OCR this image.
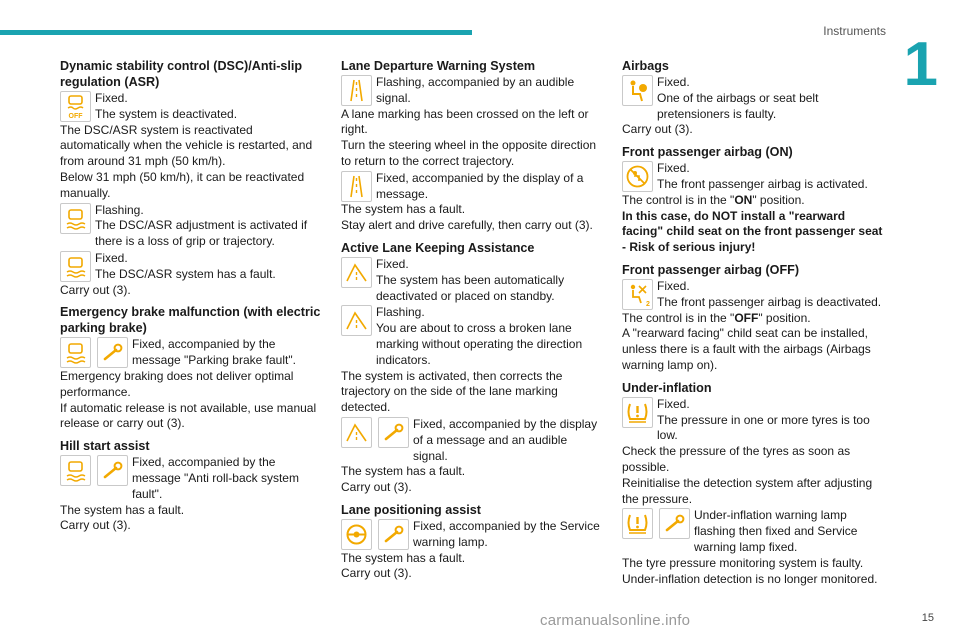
Instruments 1
Dynamic stability control (DSC)/Anti-slip regulation (ASR)
OFF
Fixed.
The system is deactivated.
The DSC/ASR system is reactivated automatically when the vehicle is restarted, and from around 31 mph (50 km/h).
Below 31 mph (50 km/h), it can be reactivated manually.
Flashing.
The DSC/ASR adjustment is activated if there is a loss of grip or trajectory.
Fixed.
The DSC/ASR system has a fault.
Carry out (3).
Emergency brake malfunction (with electric parking brake)
Fixed, accompanied by the message "Parking brake fault".
Emergency braking does not deliver optimal performance.
If automatic release is not available, use manual release or carry out (3).
Hill start assist
Fixed, accompanied by the message "Anti roll-back system fault".
The system has a fault.
Carry out (3).
Lane Departure Warning System
Flashing, accompanied by an audible signal.
A lane marking has been crossed on the left or right.
Turn the steering wheel in the opposite direction to return to the correct trajectory.
Fixed, accompanied by the display of a message.
The system has a fault.
Stay alert and drive carefully, then carry out (3).
Active Lane Keeping Assistance
Fixed.
The system has been automatically deactivated or placed on standby.
Flashing.
You are about to cross a broken lane marking without operating the direction indicators.
The system is activated, then corrects the trajectory on the side of the lane marking detected.
Fixed, accompanied by the display of a message and an audible signal.
The system has a fault.
Carry out (3).
Lane positioning assist
Fixed, accompanied by the Service warning lamp.
The system has a fault.
Carry out (3).
Airbags
Fixed.
One of the airbags or seat belt pretensioners is faulty.
Carry out (3).
Front passenger airbag (ON)
Fixed.
The front passenger airbag is activated.
The control is in the "ON" position.
In this case, do NOT install a "rearward facing" child seat on the front passenger seat - Risk of serious injury!
Front passenger airbag (OFF)
2
Fixed.
The front passenger airbag is deactivated.
The control is in the "OFF" position.
A "rearward facing" child seat can be installed, unless there is a fault with the airbags (Airbags warning lamp on).
Under-inflation
Fixed.
The pressure in one or more tyres is too low.
Check the pressure of the tyres as soon as possible.
Reinitialise the detection system after adjusting the pressure.
Under-inflation warning lamp flashing then fixed and Service warning lamp fixed.
The tyre pressure monitoring system is faulty.
Under-inflation detection is no longer monitored.
carmanualsonline.info	15
